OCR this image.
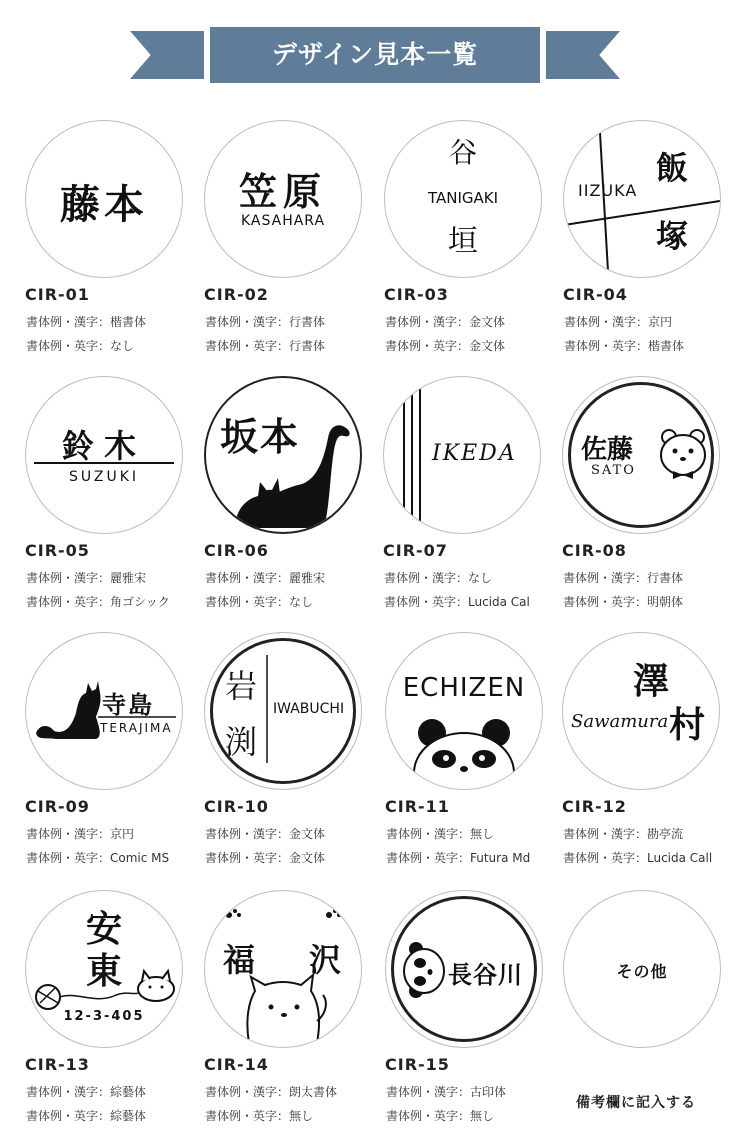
デザイン見本一覧
藤本
CIR-01
書体例・漢字：楷書体
書体例・英字：なし
笠原
KASAHARA
CIR-02
書体例・漢字：行書体
書体例・英字：行書体
谷
TANIGAKI
垣
CIR-03
書体例・漢字：金文体
書体例・英字：金文体
飯
IIZUKA
塚
CIR-04
書体例・漢字：京円
書体例・英字：楷書体
鈴木
SUZUKI
CIR-05
書体例・漢字：麗雅宋
書体例・英字：角ゴシック
坂本
CIR-06
書体例・漢字：麗雅宋
書体例・英字：なし
IKEDA
CIR-07
書体例・漢字：なし
書体例・英字：Lucida Cal
佐藤
SATO
CIR-08
書体例・漢字：行書体
書体例・英字：明朝体
寺島
TERAJIMA
CIR-09
書体例・漢字：京円
書体例・英字：Comic MS
岩
渕
IWABUCHI
CIR-10
書体例・漢字：金文体
書体例・英字：金文体
ECHIZEN
CIR-11
書体例・漢字：無し
書体例・英字：Futura Md
澤
Sawamura 村
CIR-12
書体例・漢字：勘亭流
書体例・英字：Lucida Call
安
東
12-3-405
CIR-13
書体例・漢字：綜藝体
書体例・英字：綜藝体
福 沢
CIR-14
書体例・漢字：朗太書体
書体例・英字：無し
長谷川
CIR-15
書体例・漢字：古印体
書体例・英字：無し
その他
備考欄に記入する
